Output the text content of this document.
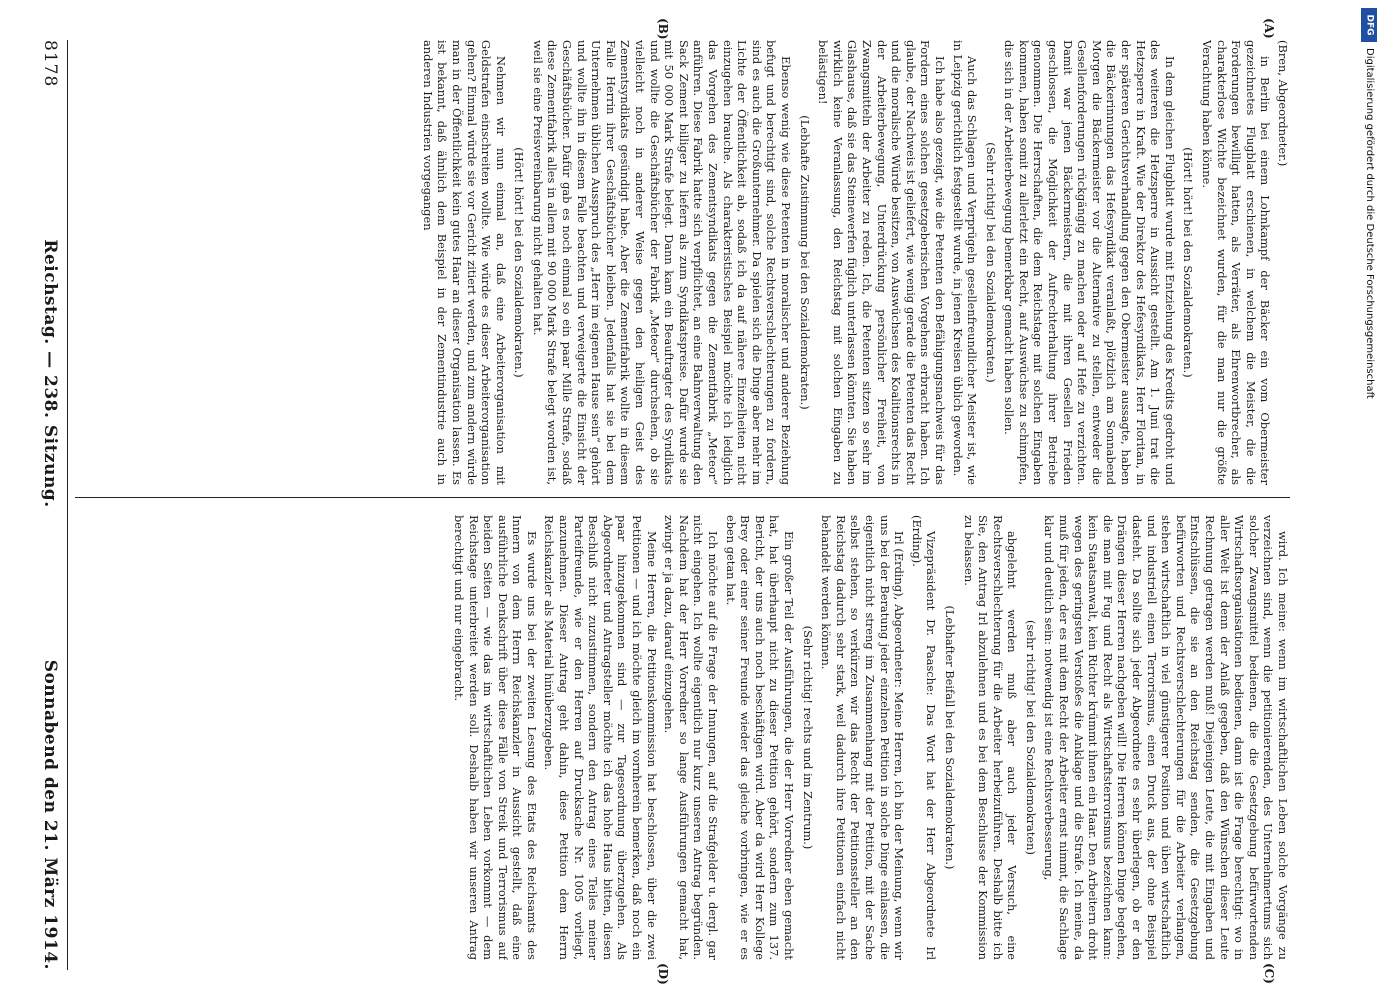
(Bren, Abgeordneter.)

in Berlin bei einem Lohnkampf der Bäcker ein vom Obermeister gezeichnetes Flugblatt erschienen, in welchem die Meister, die die Forderungen bewilligt hatten, als Verräter, als Ehrenwortbrecher, als charakterlose Wichte bezeichnet wurden, für die man nur die größte Verachtung haben könne.

(Hört! hört! bei den Sozialdemokraten.)

In dem gleichen Flugblatt wurde mit Entziehung des Kredits gedroht und des weiteren die Hetzsperre in Aussicht gestellt. Am 1. Juni trat die Hetzsperre in Kraft. Wie der Direktor des Hefesyndikats, Herr Floritan, in der späteren Gerichtsverhandlung gegen den Obermeister aussagte, haben die Bäckerinnungen das Hefesyndikat veranlaßt, plötzlich am Sonnabend Morgen die Bäckermeister vor die Alternative zu stellen, entweder die Gesellenforderungen rückgängig zu machen oder auf Hefe zu verzichten. Damit war jenen Bäckermeistern, die mit ihren Gesellen Frieden geschlossen, die Möglichkeit der Aufrechterhaltung ihrer Betriebe genommen. Die Herrschaften, die dem Reichstage mit solchen Eingaben kommen, haben somit zu allerletzt ein Recht, auf Auswüchse zu schimpfen, die sich in der Arbeiterbewegung bemerkbar gemacht haben sollen.

(Sehr richtig! bei den Sozialdemokraten.)

Auch das Schlagen und Verprügeln gesellenfreundlicher Meister ist, wie in Leipzig gerichtlich festgestellt wurde, in jenen Kreisen üblich geworden.

Ich habe also gezeigt, wie die Petenten den Befähigungsnachweis für das Fordern eines solchen gesetzgeberischen Vorgehens erbracht haben. Ich glaube, der Nachweis ist geliefert, wie wenig gerade die Petenten das Recht und die moralische Würde besitzen, von Auswüchsen des Koalitionsrechts in der Arbeiterbewegung, Unterdrückung persönlicher Freiheit, von Zwangsmitteln der Arbeiter zu reden. Ich, die Petenten sitzen so sehr im Glashause, daß sie das Steinewerfen füglich unterlassen könnten. Sie haben wirklich keine Veranlassung, den Reichstag mit solchen Eingaben zu belästigen!

(Lebhafte Zustimmung bei den Sozialdemokraten.)

Ebenso wenig wie diese Petenten in moralischer und anderer Beziehung befugt und berechtigt sind, solche Rechtsverschlechterungen zu fordern, sind es auch die Großunternehmer. Da spielen sich die Dinge aber mehr im Lichte der Öffentlichkeit ab, sodaß ich da auf nähere Einzelheiten nicht einzugehen brauche. Als charakteristisches Beispiel möchte ich lediglich das Vorgehen des Zementsyndikats gegen die Zementfabrik „Meteor“ anführen. Diese Fabrik hatte sich verpflichtet, an eine Bahnverwaltung den Sack Zement billiger zu liefern als zum Syndikatspreise. Dafür wurde sie mit 50 000 Mark Strafe belegt. Dann kam ein Beauftragter des Syndikats und wollte die Geschäftsbücher der Fabrik „Meteor“ durchsehen, ob sie vielleicht noch in anderer Weise gegen den heiligen Geist des Zementsyndikats gesündigt habe. Aber die Zementfabrik wollte in diesem Falle Herrin ihrer Geschäftsbücher bleiben. Jedenfalls hat sie bei dem Unternehmen üblichen Ausspruch des „Herr im eigenen Hause sein“ gehört und wollte ihn in diesem Falle beachten und verweigerte die Einsicht der Geschäftsbücher. Dafür gab es noch einmal so ein paar Mille Strafe, sodaß diese Zementfabrik alles in allem mit 90 000 Mark Strafe belegt worden ist, weil sie eine Preisvereinbarung nicht gehalten hat.

(Hört! hört! bei den Sozialdemokraten.)

Nehmen wir nun einmal an, daß eine Arbeiterorganisation mit Geldstrafen einschreiten wollte. Wie würde es dieser Arbeiterorganisation gehen? Einmal würde sie vor Gericht zitiert werden, und zum andern würde man in der Öffentlichkeit kein gutes Haar an dieser Organisation lassen. Es ist bekannt, daß ähnlich dem Beispiel in der Zementindustrie auch in anderen Industrien vorgegangen

wird. Ich meine: wenn im wirtschaftlichen Leben solche Vorgänge zu verzeichnen sind, wenn die petitionierenden, des Unternehmertums sich solcher Zwangsmittel bedienen, die die Gesetzgebung befürwortenden Wirtschaftsorganisationen bedienen, dann ist die Frage berechtigt: wo in aller Welt ist denn der Anlaß gegeben, daß den Wünschen dieser Leute Rechnung getragen werden muß! Diejenigen Leute, die mit Eingaben und Entschlüssen, die sie an den Reichstag senden, die Gesetzgebung befürworten und Rechtsverschlechterungen für die Arbeiter verlangen, stehen wirtschaftlich in viel günstigerer Position und üben wirtschaftlich und industriell einen Terrorismus, einen Druck aus, der ohne Beispiel dasteht. Da sollte sich jeder Abgeordnete es sehr überlegen, ob er den Drängen dieser Herren nachgeben will! Die Herren können Dinge begehen, die man mit Fug und Recht als Wirtschaftsterrorismus bezeichnen kann: kein Staatsanwalt, kein Richter krümmt ihnen ein Haar. Den Arbeitern droht wegen des geringsten Verstoßes die Anklage und die Strafe. Ich meine, da muß für jeden, der es mit dem Recht der Arbeiter ernst nimmt, die Sachlage klar und deutlich sein: notwendig ist eine Rechtsverbesserung,

(sehr richtig! bei den Sozialdemokraten)

abgelehnt werden muß aber auch jeder Versuch, eine Rechtsverschlechterung für die Arbeiter herbeizuführen. Deshalb bitte ich Sie, den Antrag Irl abzulehnen und es bei dem Beschlusse der Kommission zu belassen.

(Lebhafter Beifall bei den Sozialdemokraten.)

Vizepräsident Dr. Paasche: Das Wort hat der Herr Abgeordnete Irl (Erding).

Irl (Erding), Abgeordneter: Meine Herren, ich bin der Meinung, wenn wir uns bei der Beratung jeder einzelnen Petition in solche Dinge einlassen, die eigentlich nicht streng im Zusammenhang mit der Petition, mit der Sache selbst stehen, so verkürzen wir das Recht der Petitionssteller an den Reichstag dadurch sehr stark, weil dadurch ihre Petitionen einfach nicht behandelt werden können.

(Sehr richtig! rechts und im Zentrum.)

Ein großer Teil der Ausführungen, die der Herr Vorredner eben gemacht hat, hat überhaupt nicht zu dieser Petition gehört, sondern zum 137. Bericht, der uns auch noch beschäftigen wird. Aber da wird Herr Kollege Brey oder einer seiner Freunde wieder das gleiche vorbringen, wie er es eben getan hat.

Ich möchte auf die Frage der Innungen, auf die Strafgelder u. dergl. gar nicht eingehen. Ich wollte eigentlich nur kurz unseren Antrag begründen. Nachdem hat der Herr Vorredner so lange Ausführungen gemacht hat, zwingt er ja dazu, darauf einzugehen.

Meine Herren, die Petitionskommission hat beschlossen, über die zwei Petitionen — und ich möchte gleich im vornherein bemerken, daß noch ein paar hinzugekommen sind — zur Tagesordnung überzugehen. Als Abgeordneter und Antragsteller möchte ich das hohe Haus bitten, diesen Beschluß nicht zuzustimmen, sondern den Antrag eines Teiles meiner Parteifreunde, wie er den Herren auf Drucksache Nr. 1005 vorliegt, anzunehmen. Dieser Antrag geht dahin, diese Petition dem Herrn Reichskanzler als Material hinüberzugeben.

Es wurde uns bei der zweiten Lesung des Etats des Reichsamts des Innern von dem Herrn Reichskanzler in Aussicht gestellt, daß eine ausführliche Denkschrift über diese Fälle von Streik und Terrorismus auf beiden Seiten — wie das im wirtschaftlichen Leben vorkommt — dem Reichstage unterbreitet werden soll. Deshalb haben wir unseren Antrag berechtigt und nur eingebracht.

(A)
(B)
(C)
(D)
8178
Reichstag. — 238. Sitzung.
Sonnabend den 21. März 1914.
Digitalisierung gefördert durch die Deutsche Forschungsgemeinschaft
DFG
